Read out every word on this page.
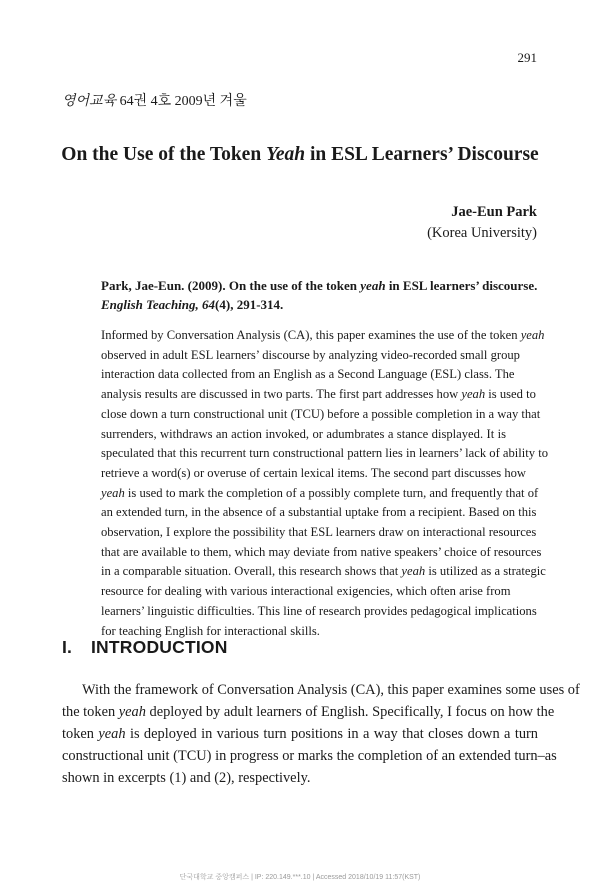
291
영어교육 64권 4호 2009년 겨울
On the Use of the Token Yeah in ESL Learners’ Discourse
Jae-Eun Park
(Korea University)

Park, Jae-Eun. (2009). On the use of the token yeah in ESL learners’ discourse.

English Teaching, 64(4), 291-314.

Informed by Conversation Analysis (CA), this paper examines the use of the token yeah
observed in adult ESL learners’ discourse by analyzing video-recorded small group
interaction data collected from an English as a Second Language (ESL) class. The
analysis results are discussed in two parts. The first part addresses how yeah is used to
close down a turn constructional unit (TCU) before a possible completion in a way that
surrenders, withdraws an action invoked, or adumbrates a stance displayed. It is
speculated that this recurrent turn constructional pattern lies in learners’ lack of ability to
retrieve a word(s) or overuse of certain lexical items. The second part discusses how
yeah is used to mark the completion of a possibly complete turn, and frequently that of
an extended turn, in the absence of a substantial uptake from a recipient. Based on this
observation, I explore the possibility that ESL learners draw on interactional resources
that are available to them, which may deviate from native speakers’ choice of resources
in a comparable situation. Overall, this research shows that yeah is utilized as a strategic
resource for dealing with various interactional exigencies, which often arise from
learners’ linguistic difficulties. This line of research provides pedagogical implications
for teaching English for interactional skills.
I. INTRODUCTION
With the framework of Conversation Analysis (CA), this paper examines some uses of
the token yeah deployed by adult learners of English. Specifically, I focus on how the
token yeah is deployed in various turn positions in a way that closes down a turn
constructional unit (TCU) in progress or marks the completion of an extended turn–as
shown in excerpts (1) and (2), respectively.
단국대학교 중앙캠퍼스 | IP: 220.149.***.10 | Accessed 2018/10/19 11:57(KST)
